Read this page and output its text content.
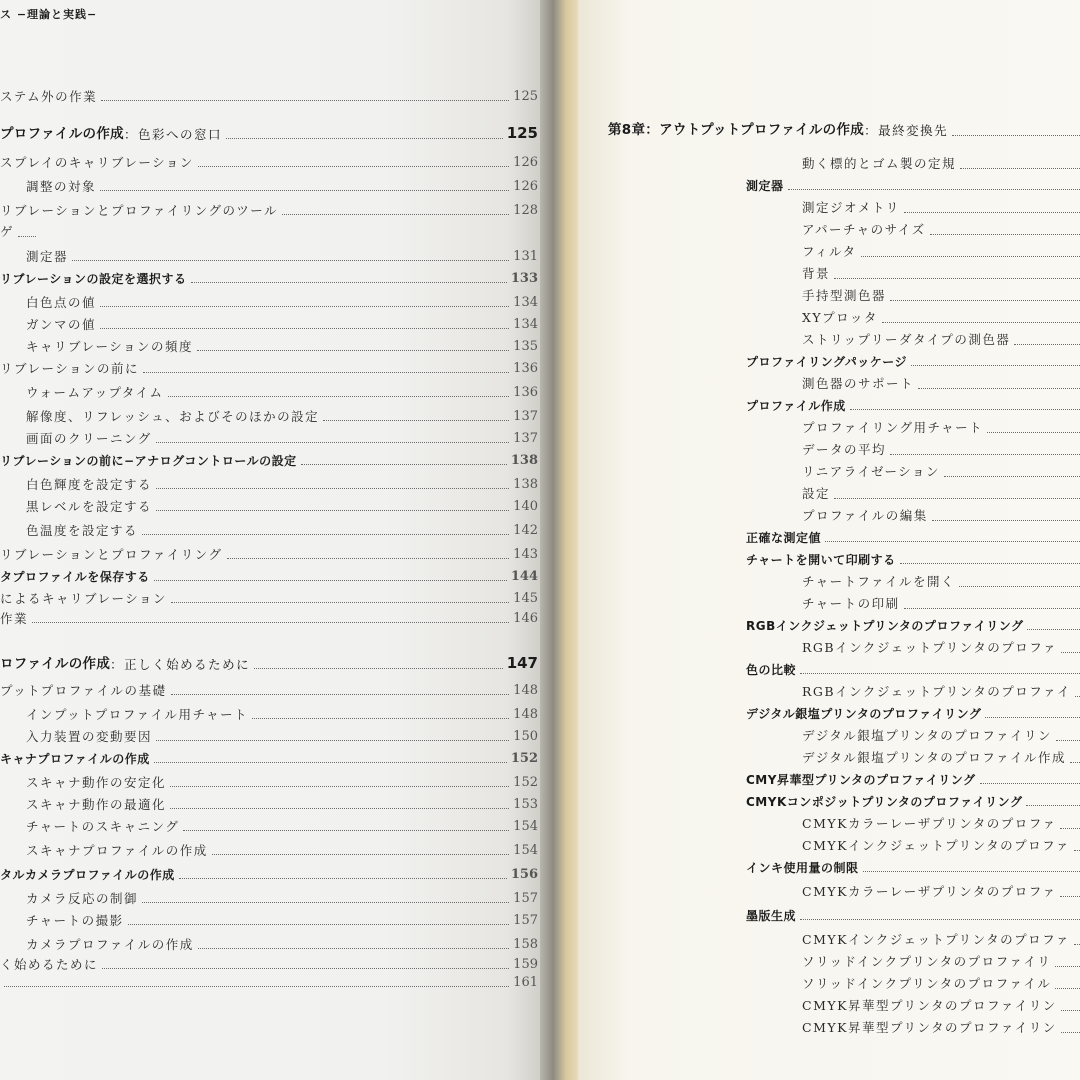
ス −理論と実践−
ステム外の作業	125
プロファイルの作成 ：色彩への窓口	125
スプレイのキャリブレーション	126
調整の対象	126
リブレーションとプロファイリングのツール	128
ゲ
測定器	131
リブレーションの設定を選択する	133
白色点の値	134
ガンマの値	134
キャリブレーションの頻度	135
リブレーションの前に	136
ウォームアップタイム	136
解像度、リフレッシュ、およびそのほかの設定	137
画面のクリーニング	137
リブレーションの前に−アナログコントロールの設定	138
白色輝度を設定する	138
黒レベルを設定する	140
色温度を設定する	142
リブレーションとプロファイリング	143
タプロファイルを保存する	144
によるキャリブレーション	145
作業	146
ロファイルの作成 ：正しく始めるために	147
プットプロファイルの基礎	148
インプットプロファイル用チャート	148
入力装置の変動要因	150
キャナプロファイルの作成	152
スキャナ動作の安定化	152
スキャナ動作の最適化	153
チャートのスキャニング	154
スキャナプロファイルの作成	154
タルカメラプロファイルの作成	156
カメラ反応の制御	157
チャートの撮影	157
カメラプロファイルの作成	158
く始めるために	159
161
第8章：アウトプットプロファイルの作成 ：最終変換先
動く標的とゴム製の定規
測定器
測定ジオメトリ
アパーチャのサイズ
フィルタ
背景
手持型測色器
XYプロッタ
ストリップリーダタイプの測色器
プロファイリングパッケージ
測色器のサポート
プロファイル作成
プロファイリング用チャート
データの平均
リニアライゼーション
設定
プロファイルの編集
正確な測定値
チャートを開いて印刷する
チャートファイルを開く
チャートの印刷
RGBインクジェットプリンタのプロファイリング
RGBインクジェットプリンタのプロファ
色の比較
RGBインクジェットプリンタのプロファイ
デジタル銀塩プリンタのプロファイリング
デジタル銀塩プリンタのプロファイリン
デジタル銀塩プリンタのプロファイル作成
CMY昇華型プリンタのプロファイリング
CMYKコンポジットプリンタのプロファイリング
CMYKカラーレーザプリンタのプロファ
CMYKインクジェットプリンタのプロファ
インキ使用量の制限
CMYKカラーレーザプリンタのプロファ
墨版生成
CMYKインクジェットプリンタのプロファ
ソリッドインクプリンタのプロファイリ
ソリッドインクプリンタのプロファイル
CMYK昇華型プリンタのプロファイリン
CMYK昇華型プリンタのプロファイリン
